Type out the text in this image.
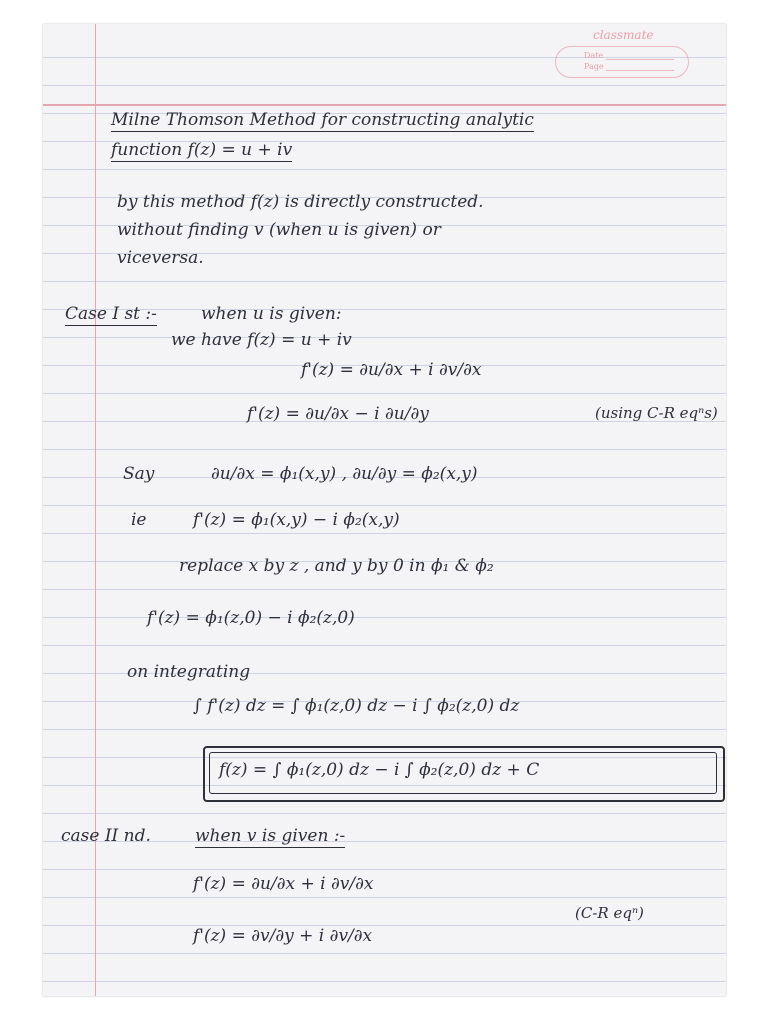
classmate
Date
Page
Milne Thomson Method for constructing analytic
function f(z) = u + iv
by this method f(z) is directly constructed.
without finding v (when u is given) or
viceversa.
Case I st :-	when u is given:
we have f(z) = u + iv
f'(z) = ∂u/∂x + i ∂v/∂x
f'(z) = ∂u/∂x − i ∂u/∂y	(using C-R eqⁿs)
Say	∂u/∂x = ϕ₁(x,y) , ∂u/∂y = ϕ₂(x,y)
ie	f'(z) = ϕ₁(x,y) − i ϕ₂(x,y)
replace x by z , and y by 0 in ϕ₁ & ϕ₂
f'(z) = ϕ₁(z,0) − i ϕ₂(z,0)
on integrating
∫ f'(z) dz = ∫ ϕ₁(z,0) dz − i ∫ ϕ₂(z,0) dz
f(z) = ∫ ϕ₁(z,0) dz − i ∫ ϕ₂(z,0) dz + C
case II nd.	when v is given :-
f'(z) = ∂u/∂x + i ∂v/∂x
(C-R eqⁿ)
f'(z) = ∂v/∂y + i ∂v/∂x
